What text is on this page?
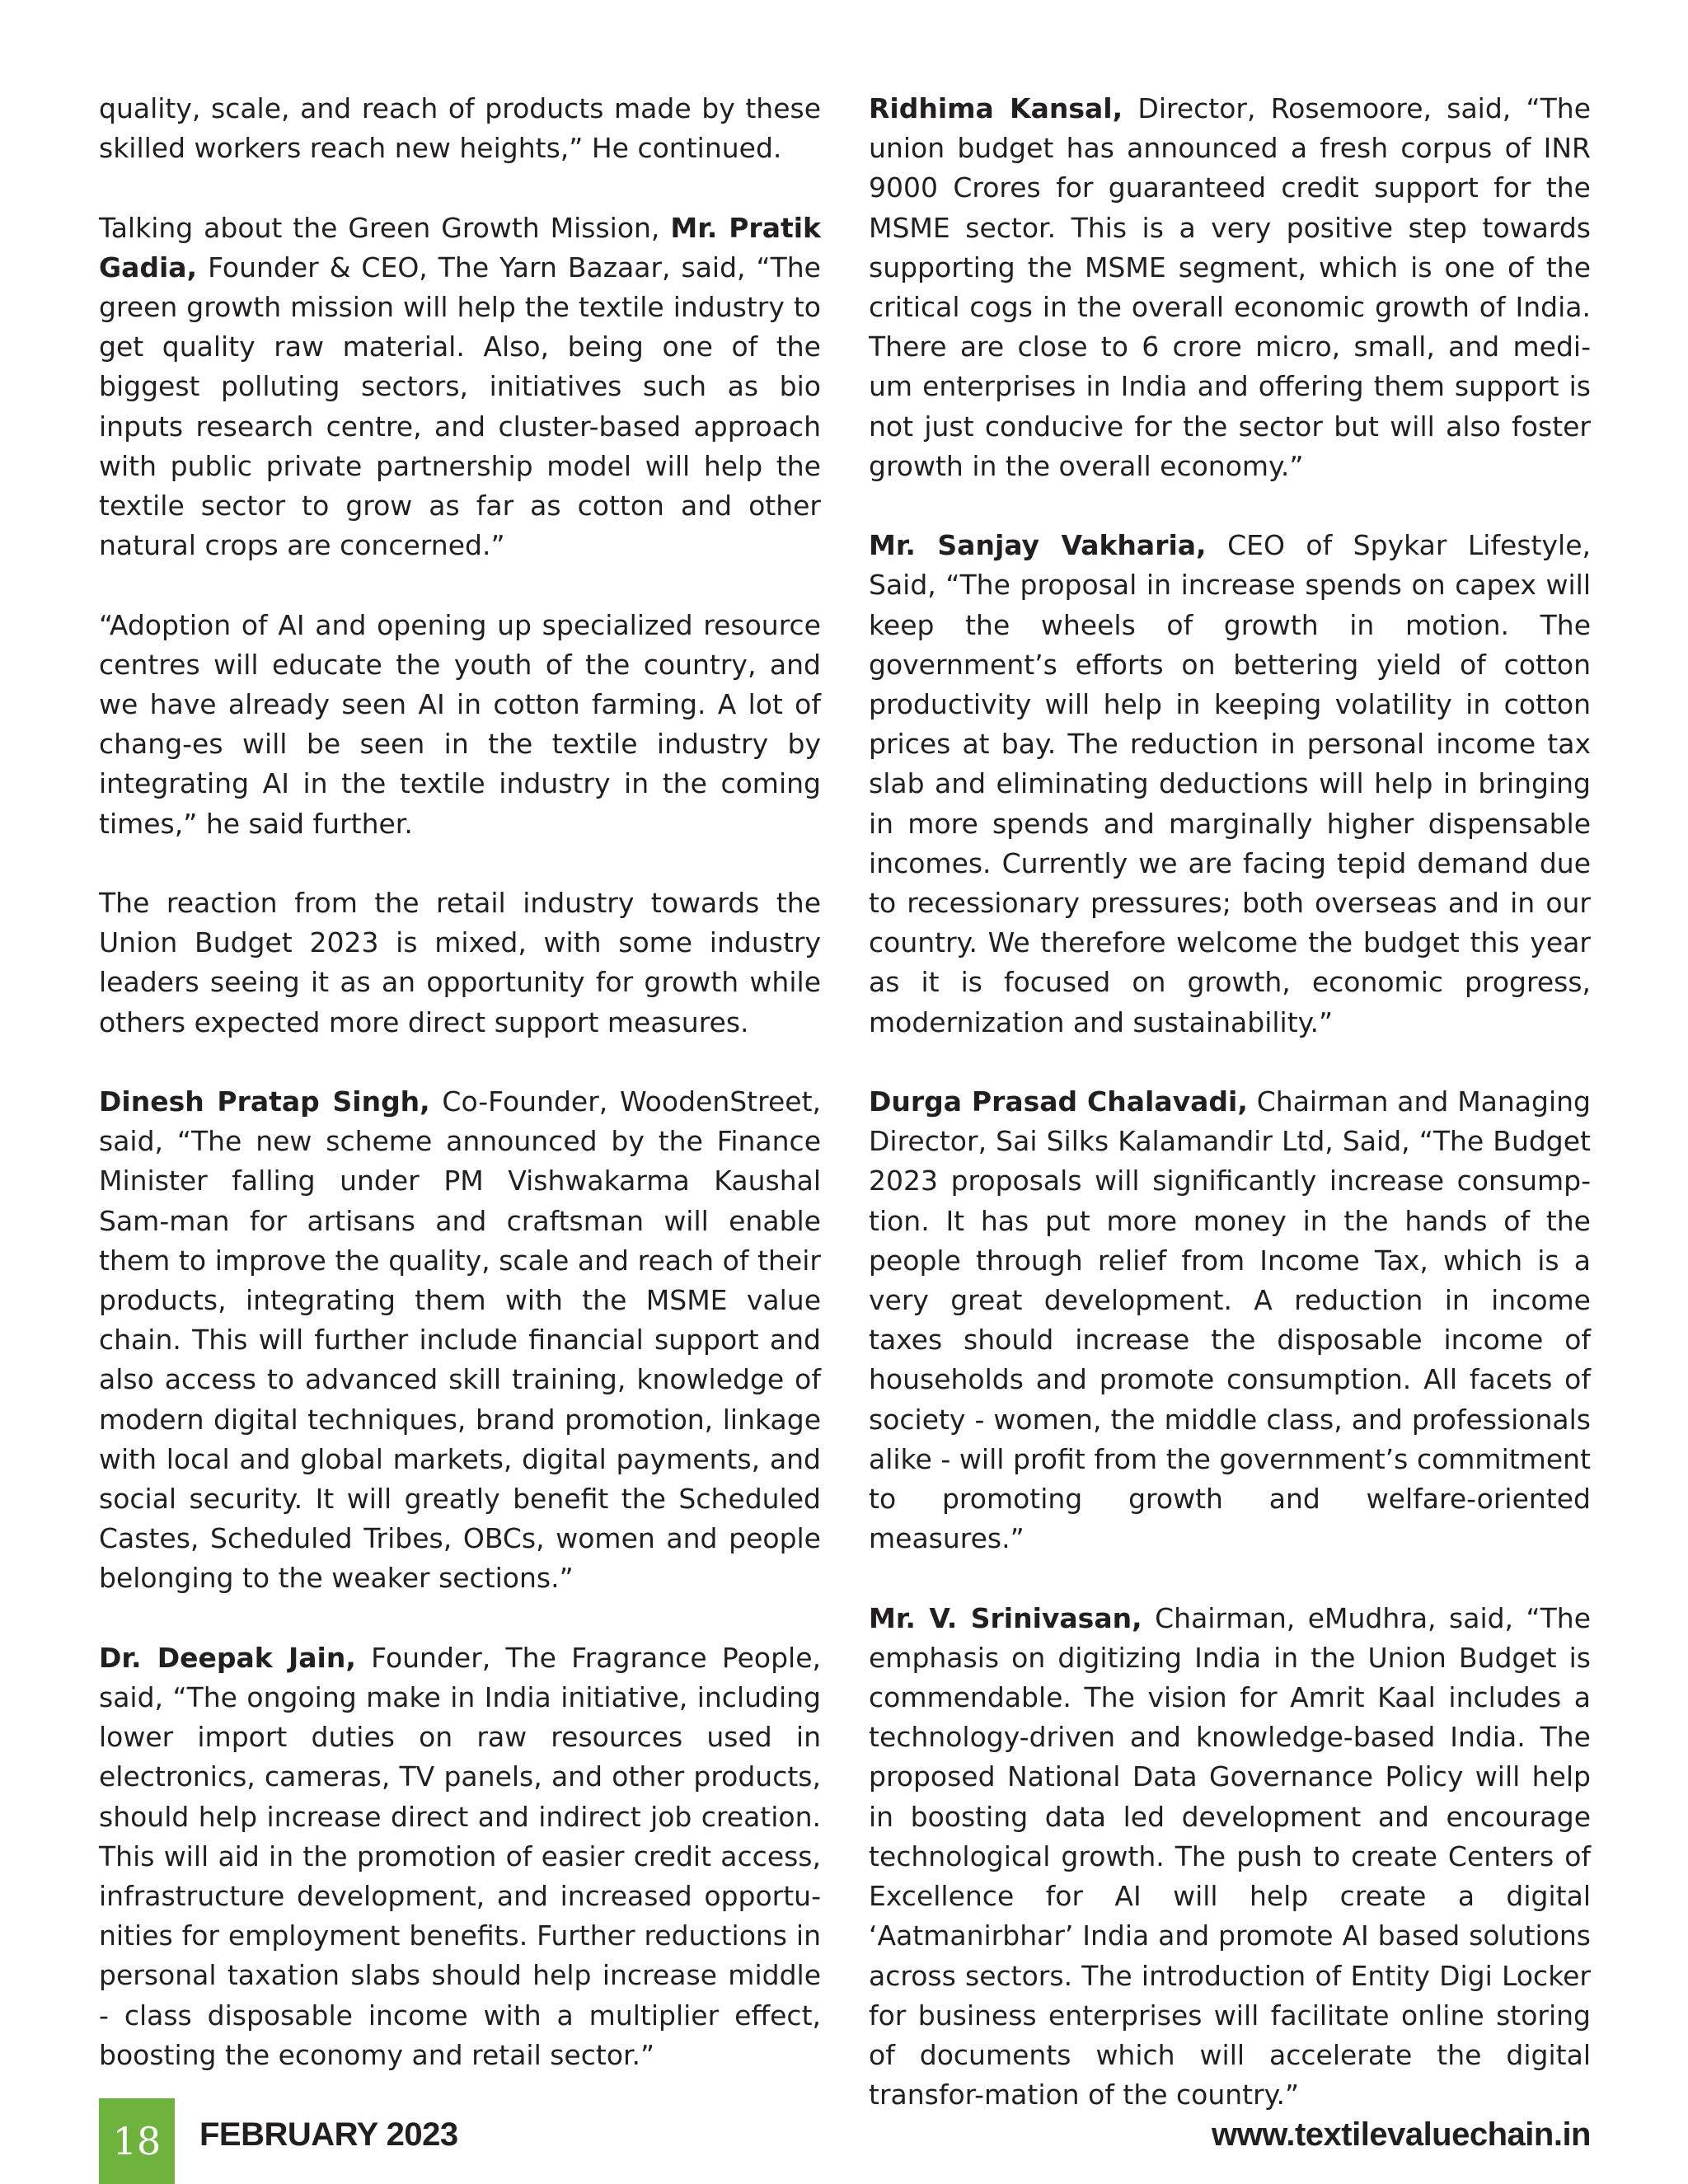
quality, scale, and reach of products made by these skilled workers reach new heights,” He continued.

Talking about the Green Growth Mission, Mr. Pratik Gadia, Founder & CEO, The Yarn Bazaar, said, “The green growth mission will help the textile industry to get quality raw material. Also, being one of the biggest polluting sectors, initiatives such as bio inputs research centre, and cluster-based approach with public private partnership model will help the textile sector to grow as far as cotton and other natural crops are concerned.”

“Adoption of AI and opening up specialized resource centres will educate the youth of the country, and we have already seen AI in cotton farming. A lot of chang-es will be seen in the textile industry by integrating AI in the textile industry in the coming times,” he said further.

The reaction from the retail industry towards the Union Budget 2023 is mixed, with some industry leaders seeing it as an opportunity for growth while others expected more direct support measures.

Dinesh Pratap Singh, Co-Founder, WoodenStreet, said, “The new scheme announced by the Finance Minister falling under PM Vishwakarma Kaushal Sam-man for artisans and craftsman will enable them to improve the quality, scale and reach of their products, integrating them with the MSME value chain. This will further include financial support and also access to advanced skill training, knowledge of modern digital techniques, brand promotion, linkage with local and global markets, digital payments, and social security. It will greatly benefit the Scheduled Castes, Scheduled Tribes, OBCs, women and people belonging to the weaker sections.”

Dr. Deepak Jain, Founder, The Fragrance People, said, “The ongoing make in India initiative, including lower import duties on raw resources used in electronics, cameras, TV panels, and other products, should help increase direct and indirect job creation. This will aid in the promotion of easier credit access, infrastructure development, and increased opportu-nities for employment benefits. Further reductions in personal taxation slabs should help increase middle - class disposable income with a multiplier effect, boosting the economy and retail sector.”

Ridhima Kansal, Director, Rosemoore, said, “The union budget has announced a fresh corpus of INR 9000 Crores for guaranteed credit support for the MSME sector. This is a very positive step towards supporting the MSME segment, which is one of the critical cogs in the overall economic growth of India. There are close to 6 crore micro, small, and medi-um enterprises in India and offering them support is not just conducive for the sector but will also foster growth in the overall economy.”

Mr. Sanjay Vakharia, CEO of Spykar Lifestyle, Said, “The proposal in increase spends on capex will keep the wheels of growth in motion. The government’s efforts on bettering yield of cotton productivity will help in keeping volatility in cotton prices at bay. The reduction in personal income tax slab and eliminating deductions will help in bringing in more spends and marginally higher dispensable incomes. Currently we are facing tepid demand due to recessionary pressures; both overseas and in our country. We therefore welcome the budget this year as it is focused on growth, economic progress, modernization and sustainability.”

Durga Prasad Chalavadi, Chairman and Managing Director, Sai Silks Kalamandir Ltd, Said, “The Budget 2023 proposals will significantly increase consump-tion. It has put more money in the hands of the people through relief from Income Tax, which is a very great development. A reduction in income taxes should increase the disposable income of households and promote consumption. All facets of society - women, the middle class, and professionals alike - will profit from the government’s commitment to promoting growth and welfare-oriented measures.”

Mr. V. Srinivasan, Chairman, eMudhra, said, “The emphasis on digitizing India in the Union Budget is commendable. The vision for Amrit Kaal includes a technology-driven and knowledge-based India. The proposed National Data Governance Policy will help in boosting data led development and encourage technological growth. The push to create Centers of Excellence for AI will help create a digital ‘Aatmanirbhar’ India and promote AI based solutions across sectors. The introduction of Entity Digi Locker for business enterprises will facilitate online storing of documents which will accelerate the digital transfor-mation of the country.”

18 FEBRUARY 2023	www.textilevaluechain.in
